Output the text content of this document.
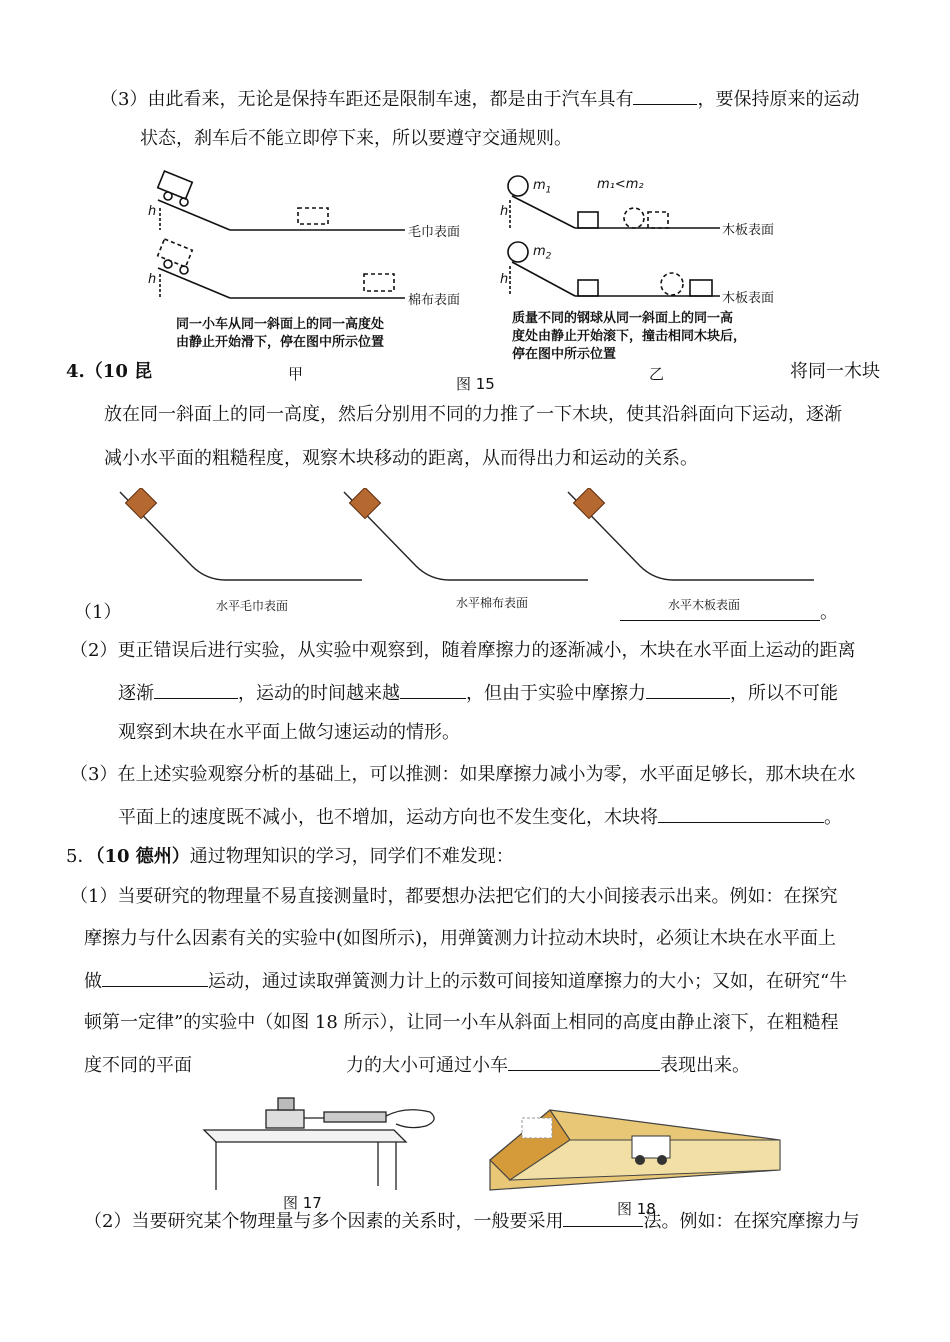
（3）由此看来，无论是保持车距还是限制车速，都是由于汽车具有	，要保持原来的运动
状态，刹车后不能立即停下来，所以要遵守交通规则。
毛巾表面
棉布表面
木板表面
木板表面
$m_1$	m₁<m₂
$m_2$
h
h
h
h
同一小车从同一斜面上的同一高度处
由静止开始滑下，停在图中所示位置
质量不同的钢球从同一斜面上的同一高
度处由静止开始滚下，撞击相同木块后，
停在图中所示位置
4.（10 昆	甲
图 15
乙	将同一木块
放在同一斜面上的同一高度，然后分别用不同的力推了一下木块，使其沿斜面向下运动，逐渐
减小水平面的粗糙程度，观察木块移动的距离，从而得出力和运动的关系。
水平毛巾表面	水平棉布表面	水平木板表面
（1）	。
（2）更正错误后进行实验，从实验中观察到，随着摩擦力的逐渐减小，木块在水平面上运动的距离
逐渐	，运动的时间越来越	，但由于实验中摩擦力	，所以不可能
观察到木块在水平面上做匀速运动的情形。
（3）在上述实验观察分析的基础上，可以推测：如果摩擦力减小为零，水平面足够长，那木块在水
平面上的速度既不减小，也不增加，运动方向也不发生变化，木块将	。
5．（10 德州）通过物理知识的学习，同学们不难发现：
（1）当要研究的物理量不易直接测量时，都要想办法把它们的大小间接表示出来。例如：在探究
摩擦力与什么因素有关的实验中(如图所示)，用弹簧测力计拉动木块时，必须让木块在水平面上
做	运动，通过读取弹簧测力计上的示数可间接知道摩擦力的大小；又如，在研究“牛
顿第一定律”的实验中（如图 18 所示），让同一小车从斜面上相同的高度由静止滚下，在粗糙程
度不同的平面	力的大小可通过小车	表现出来。
图 17	图 18
（2）当要研究某个物理量与多个因素的关系时，一般要采用	法。例如：在探究摩擦力与
